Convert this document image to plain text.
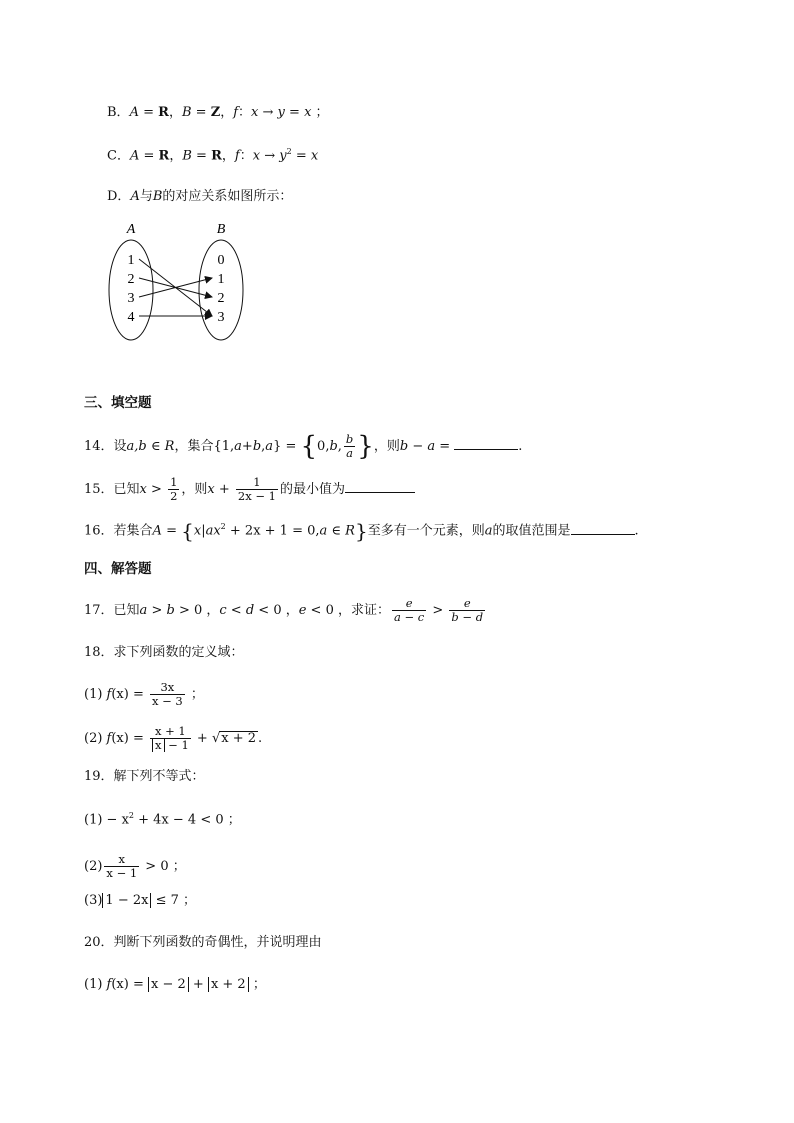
B．A = R，B = Z，f：x → y = x ；
C．A = R，B = R，f：$x \to y^2 = x$
D．A与B的对应关系如图所示：
A	B
1
2
3
4
0
1
2
3
三、填空题
14．设a,b ∈ R，集合{1,a+b,a} = {0,b, $\frac{b}{a}$ }，则b − a =	.
15．已知$x > \frac{1}{2}$ ，则$x + \frac{1}{2x - 1}$ 的最小值为
16．若集合$A = \{x|ax^2 + 2x + 1 = 0,a$ ∈ R}至多有一个元素，则a的取值范围是	.
四、解答题
17．已知a > b > 0 ，c < d < 0 ，e < 0 ，求证： $\frac{e}{a - c} > \frac{e}{b - d}$
18．求下列函数的定义域：
(1) $f(x) = \frac{3x}{x - 3}$ ；
(2) $f(x) = \frac{x + 1}{x - 1} + √x + 2$ .
19．解下列不等式：
$(1) - x^2 + 4x - 4 < 0$ ；
$(2) \frac{x}{x - 1} > 0$ ；
(3) 1 − 2x ≤ 7 ；
20．判断下列函数的奇偶性，并说明理由
(1) f(x) = x − 2 + x + 2 ；
